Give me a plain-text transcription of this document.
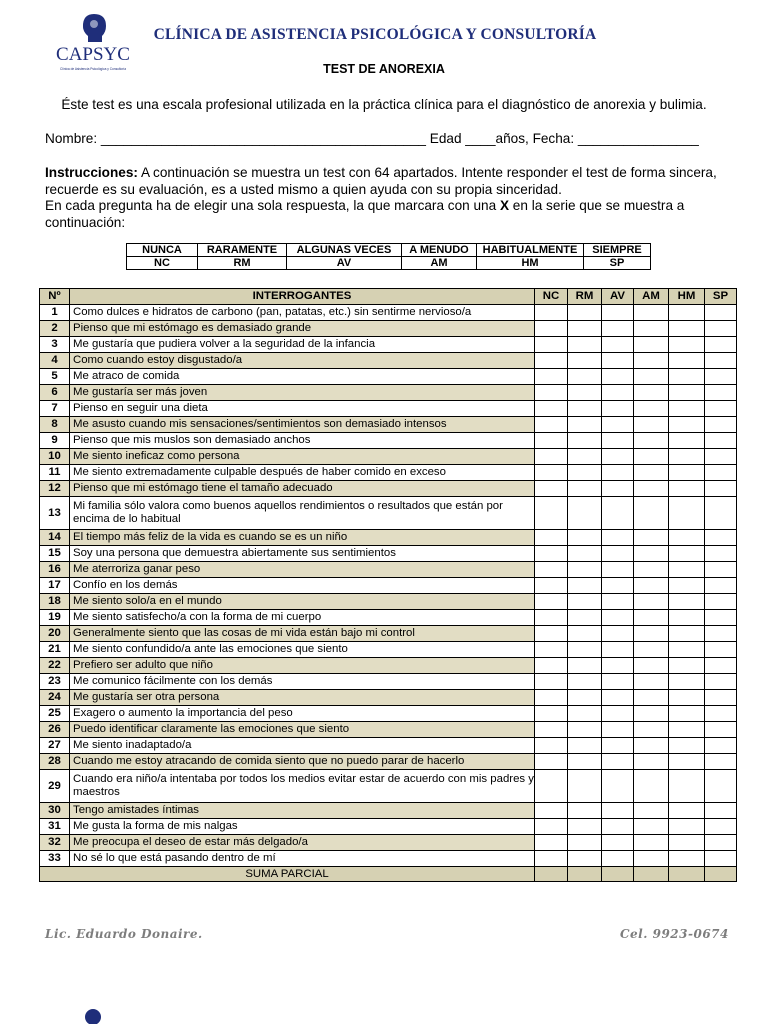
CAPSYC
Clínica de Asistencia Psicológica y Consultoría
CLÍNICA DE ASISTENCIA PSICOLÓGICA Y CONSULTORÍA
TEST DE ANOREXIA
Éste test es una escala profesional utilizada en la práctica clínica para el diagnóstico de anorexia y bulimia.
Nombre: ___________________________________________ Edad ____años, Fecha: ________________
Instrucciones: A continuación se muestra un test con 64 apartados. Intente responder el test de forma sincera, recuerde es su evaluación, es a usted mismo a quien ayuda con su propia sinceridad.
En cada pregunta ha de elegir una sola respuesta, la que marcara con una X en la serie que se muestra a continuación:
NUNCA	RARAMENTE	ALGUNAS VECES	A MENUDO	HABITUALMENTE	SIEMPRE
NC	RM	AV	AM	HM	SP
Nº	INTERROGANTES	NC	RM	AV	AM	HM	SP
1	Como dulces e hidratos de carbono (pan, patatas, etc.) sin sentirme nervioso/a						
2	Pienso que mi estómago es demasiado grande						
3	Me gustaría que pudiera volver a la seguridad de la infancia						
4	Como cuando estoy disgustado/a						
5	Me atraco de comida						
6	Me gustaría ser más joven						
7	Pienso en seguir una dieta						
8	Me asusto cuando mis sensaciones/sentimientos son demasiado intensos						
9	Pienso que mis muslos son demasiado anchos						
10	Me siento ineficaz como persona						
11	Me siento extremadamente culpable después de haber comido en exceso						
12	Pienso que mi estómago tiene el tamaño adecuado						
13	Mi familia sólo valora como buenos aquellos rendimientos o resultados que están por encima de lo habitual						
14	El tiempo más feliz de la vida es cuando se es un niño						
15	Soy una persona que demuestra abiertamente sus sentimientos						
16	Me aterroriza ganar peso						
17	Confío en los demás						
18	Me siento solo/a en el mundo						
19	Me siento satisfecho/a con la forma de mi cuerpo						
20	Generalmente siento que las cosas de mi vida están bajo mi control						
21	Me siento confundido/a ante las emociones que siento						
22	Prefiero ser adulto que niño						
23	Me comunico fácilmente con los demás						
24	Me gustaría ser otra persona						
25	Exagero o aumento la importancia del peso						
26	Puedo identificar claramente las emociones que siento						
27	Me siento inadaptado/a						
28	Cuando me estoy atracando de comida siento que no puedo parar de hacerlo						
29	Cuando era niño/a intentaba por todos los medios evitar estar de acuerdo con mis padres y maestros						
30	Tengo amistades íntimas						
31	Me gusta la forma de mis nalgas						
32	Me preocupa el deseo de estar más delgado/a						
33	No sé lo que está pasando dentro de mí						
SUMA PARCIAL							
Lic. Eduardo Donaire.	Cel. 9923-0674
